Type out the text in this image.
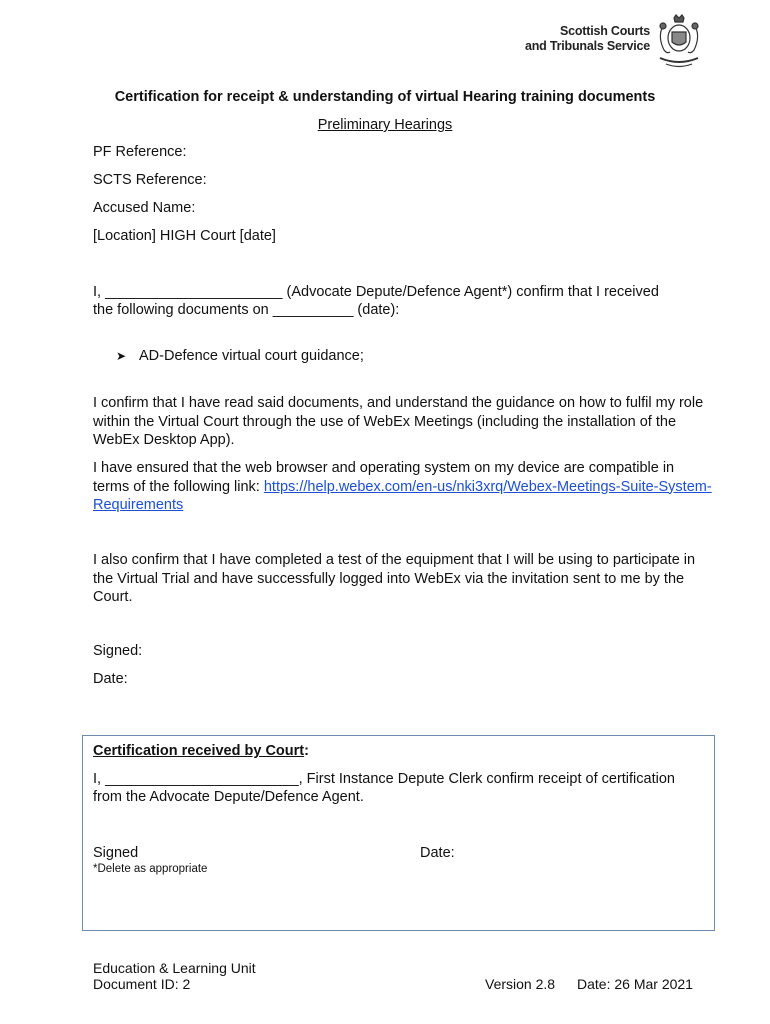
Scottish Courts
and Tribunals Service
Certification for receipt & understanding of virtual Hearing training documents
Preliminary Hearings
PF Reference:
SCTS Reference:
Accused Name:
[Location] HIGH Court [date]
I, ______________________ (Advocate Depute/Defence Agent*) confirm that I received
the following documents on __________ (date):
➤ AD-Defence virtual court guidance;
I confirm that I have read said documents, and understand the guidance on how to fulfil my role within the Virtual Court through the use of WebEx Meetings (including the installation of the WebEx Desktop App).
I have ensured that the web browser and operating system on my device are compatible in terms of the following link: https://help.webex.com/en-us/nki3xrq/Webex-Meetings-Suite-System-Requirements
I also confirm that I have completed a test of the equipment that I will be using to participate in the Virtual Trial and have successfully logged into WebEx via the invitation sent to me by the Court.
Signed:
Date:
Certification received by Court:
I, ________________________, First Instance Depute Clerk confirm receipt of certification
from the Advocate Depute/Defence Agent.
Signed	Date:
*Delete as appropriate
Education & Learning Unit
Document ID: 2	Version 2.8 Date: 26 Mar 2021
